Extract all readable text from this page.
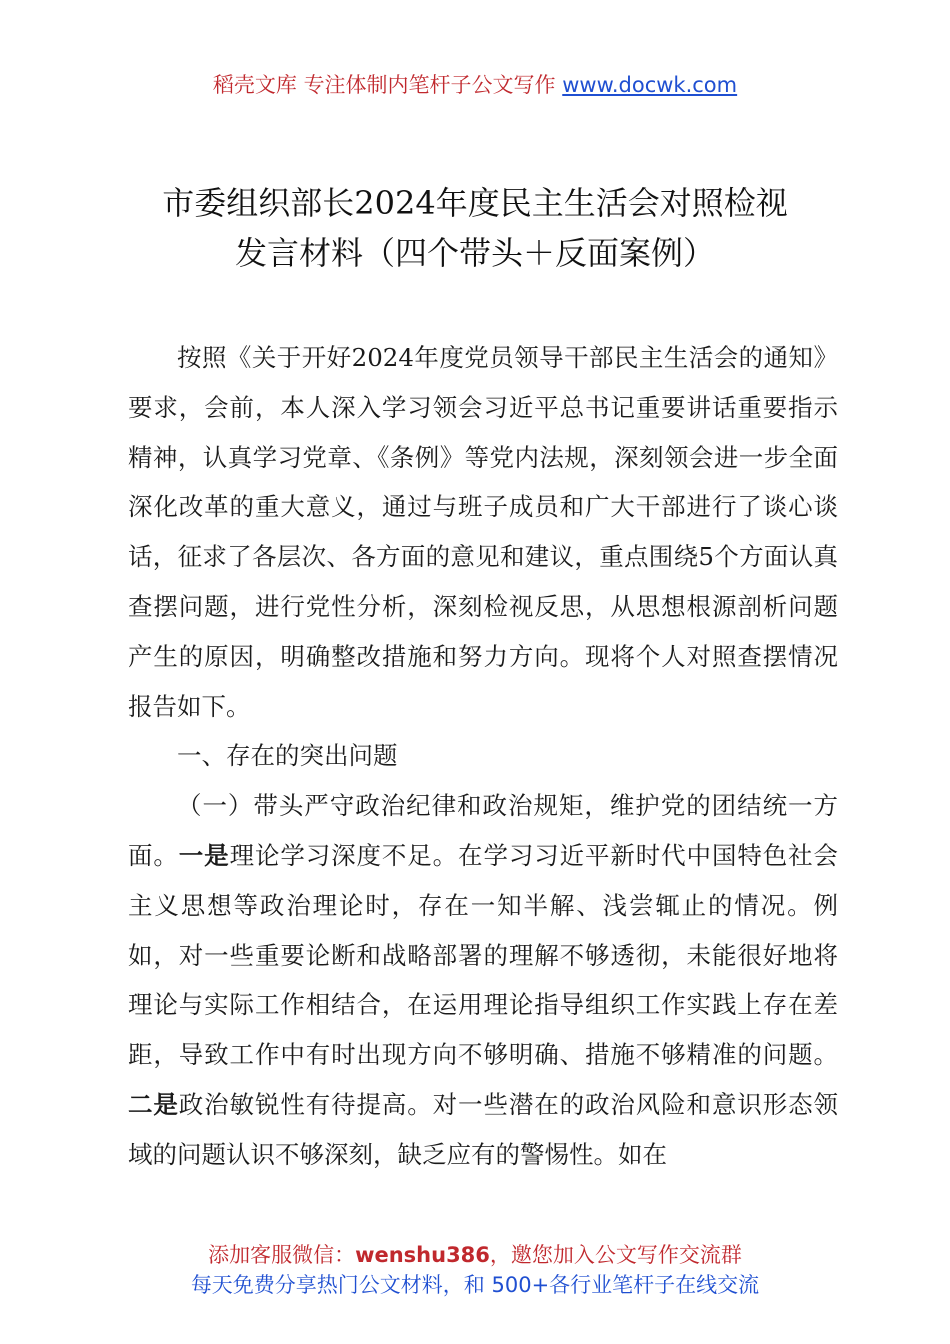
稻壳文库 专注体制内笔杆子公文写作 www.docwk.com
市委组织部长2024年度民主生活会对照检视
发言材料（四个带头＋反面案例）

按照《关于开好2024年度党员领导干部民主生活会的通知》要求，会前，本人深入学习领会习近平总书记重要讲话重要指示精神，认真学习党章、《条例》等党内法规，深刻领会进一步全面深化改革的重大意义，通过与班子成员和广大干部进行了谈心谈话，征求了各层次、各方面的意见和建议，重点围绕5个方面认真查摆问题，进行党性分析，深刻检视反思，从思想根源剖析问题产生的原因，明确整改措施和努力方向。现将个人对照查摆情况报告如下。

一、存在的突出问题

（一）带头严守政治纪律和政治规矩，维护党的团结统一方面。一是理论学习深度不足。在学习习近平新时代中国特色社会主义思想等政治理论时，存在一知半解、浅尝辄止的情况。例如，对一些重要论断和战略部署的理解不够透彻，未能很好地将理论与实际工作相结合，在运用理论指导组织工作实践上存在差距，导致工作中有时出现方向不够明确、措施不够精准的问题。二是政治敏锐性有待提高。对一些潜在的政治风险和意识形态领域的问题认识不够深刻，缺乏应有的警惕性。如在

添加客服微信：wenshu386，邀您加入公文写作交流群
每天免费分享热门公文材料，和 500+各行业笔杆子在线交流
